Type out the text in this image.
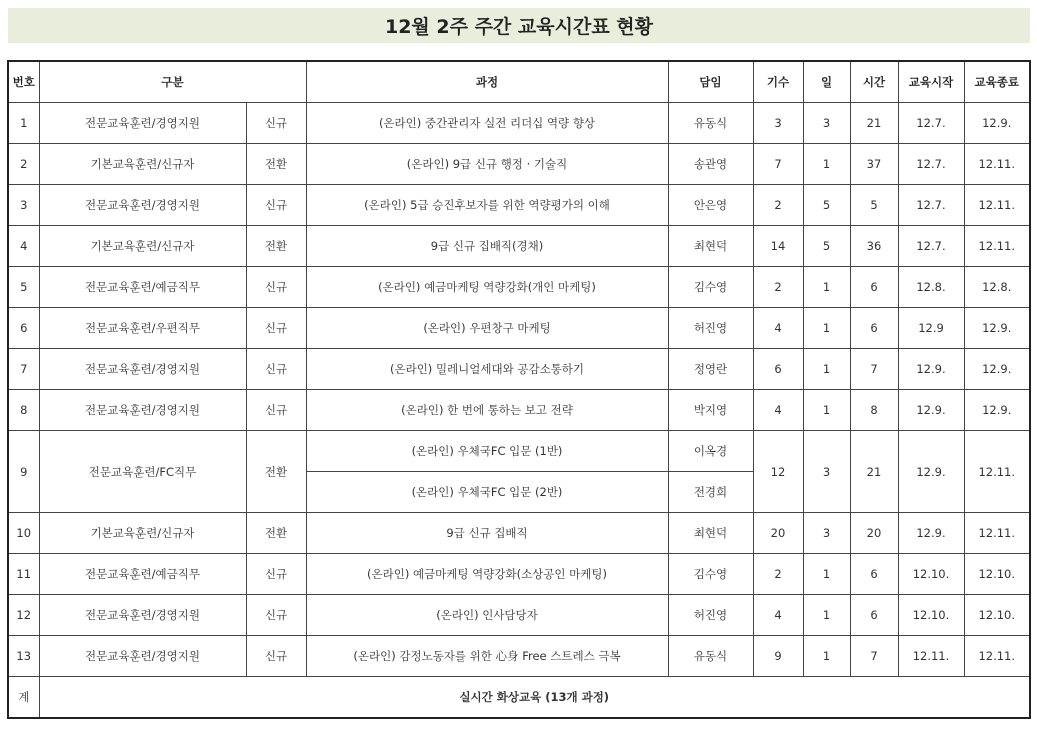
12월 2주 주간 교육시간표 현황
번호	구분		과정	담임	기수	일	시간	교육시작	교육종료
1	전문교육훈련/경영지원	신규	(온라인) 중간관리자 실전 리더십 역량 향상	유동식	3	3	21	12.7.	12.9.
2	기본교육훈련/신규자	전환	(온라인) 9급 신규 행정 · 기술직	송관영	7	1	37	12.7.	12.11.
3	전문교육훈련/경영지원	신규	(온라인) 5급 승진후보자를 위한 역량평가의 이해	안은영	2	5	5	12.7.	12.11.
4	기본교육훈련/신규자	전환	9급 신규 집배직(경채)	최현덕	14	5	36	12.7.	12.11.
5	전문교육훈련/예금직무	신규	(온라인) 예금마케팅 역량강화(개인 마케팅)	김수영	2	1	6	12.8.	12.8.
6	전문교육훈련/우편직무	신규	(온라인) 우편창구 마케팅	허진영	4	1	6	12.9	12.9.
7	전문교육훈련/경영지원	신규	(온라인) 밀레니얼세대와 공감소통하기	정영란	6	1	7	12.9.	12.9.
8	전문교육훈련/경영지원	신규	(온라인) 한 번에 통하는 보고 전략	박지영	4	1	8	12.9.	12.9.
9	전문교육훈련/FC직무	전환	(온라인) 우체국FC 입문 (1반)	이옥경	12	3	21	12.9.	12.11.
			(온라인) 우체국FC 입문 (2반)	전경희					
10	기본교육훈련/신규자	전환	9급 신규 집배직	최현덕	20	3	20	12.9.	12.11.
11	전문교육훈련/예금직무	신규	(온라인) 예금마케팅 역량강화(소상공인 마케팅)	김수영	2	1	6	12.10.	12.10.
12	전문교육훈련/경영지원	신규	(온라인) 인사담당자	허진영	4	1	6	12.10.	12.10.
13	전문교육훈련/경영지원	신규	(온라인) 감정노동자를 위한 心身 Free 스트레스 극복	유동식	9	1	7	12.11.	12.11.
계	실시간 화상교육 (13개 과정)								
